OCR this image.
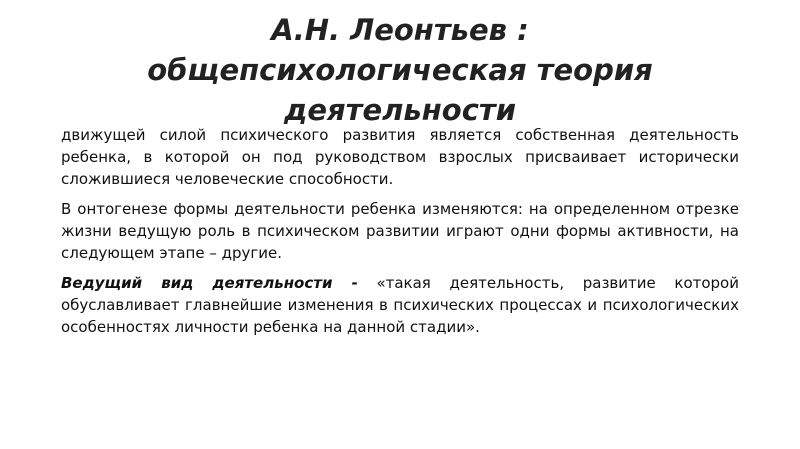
А.Н. Леонтьев :
общепсихологическая теория
деятельности

движущей силой психического развития является собственная деятельность ребенка, в которой он под руководством взрослых присваивает исторически сложившиеся человеческие способности.

В онтогенезе формы деятельности ребенка изменяются: на определенном отрезке жизни ведущую роль в психическом развитии играют одни формы активности, на следующем этапе – другие.

Ведущий вид деятельности - «такая деятельность, развитие которой обуславливает главнейшие изменения в психических процессах и психологических особенностях личности ребенка на данной стадии».
